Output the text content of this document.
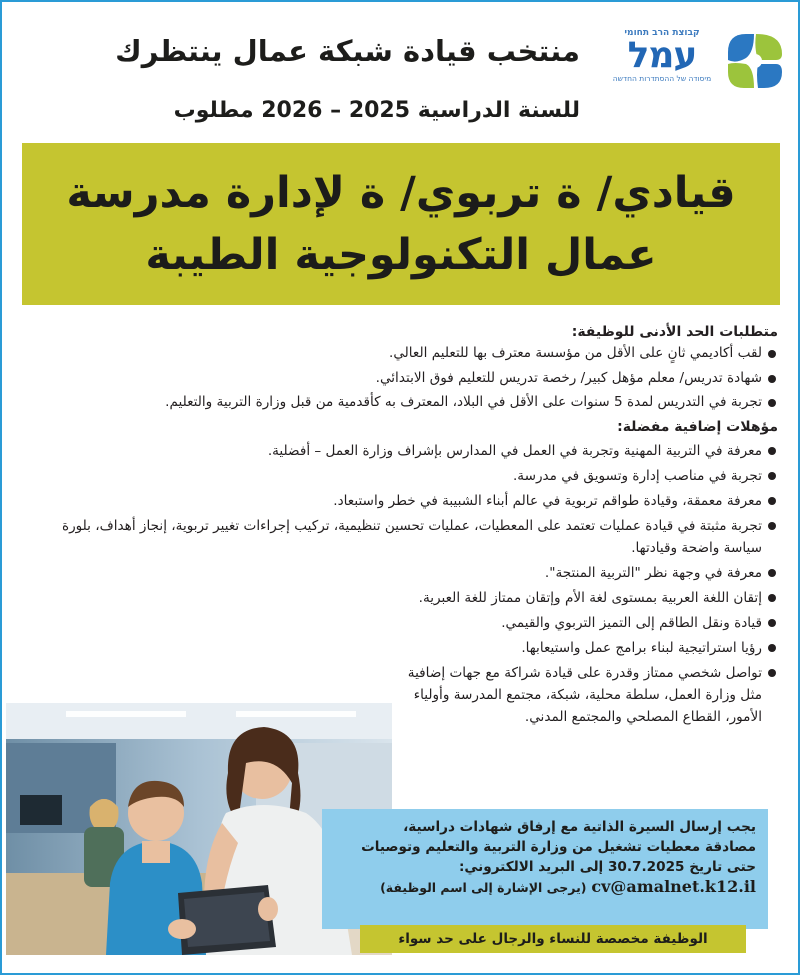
קבוצת הרב תחומי
עמל
מיסודה של ההסתדרות החדשה
منتخب قيادة شبكة عمال ينتظرك
للسنة الدراسية 2025 – 2026 مطلوب
قيادي/ ة تربوي/ ة لإدارة مدرسة
عمال التكنولوجية الطيبة
متطلبات الحد الأدنى للوظيفة:
لقب أكاديمي ثانٍ على الأقل من مؤسسة معترف بها للتعليم العالي.
شهادة تدريس/ معلم مؤهل كبير/ رخصة تدريس للتعليم فوق الابتدائي.
تجربة في التدريس لمدة 5 سنوات على الأقل في البلاد، المعترف به كأقدمية من قبل وزارة التربية والتعليم.
مؤهلات إضافية مفضلة:
معرفة في التربية المهنية وتجربة في العمل في المدارس بإشراف وزارة العمل – أفضلية.
تجربة في مناصب إدارة وتسويق في مدرسة.
معرفة معمقة، وقيادة طواقم تربوية في عالم أبناء الشبيبة في خطر واستبعاد.
تجربة مثبتة في قيادة عمليات تعتمد على المعطيات، عمليات تحسين تنظيمية، تركيب إجراءات تغيير تربوية، إنجاز أهداف، بلورة سياسة واضحة وقيادتها.
معرفة في وجهة نظر "التربية المنتجة".
إتقان اللغة العربية بمستوى لغة الأم وإتقان ممتاز للغة العبرية.
قيادة ونقل الطاقم إلى التميز التربوي والقيمي.
رؤيا استراتيجية لبناء برامج عمل واستيعابها.
تواصل شخصي ممتاز وقدرة على قيادة شراكة مع جهات إضافية مثل وزارة العمل، سلطة محلية، شبكة، مجتمع المدرسة وأولياء الأمور، القطاع المصلحي والمجتمع المدني.

يجب إرسال السيرة الذاتية مع إرفاق شهادات دراسية،

مصادقة معطيات تشغيل من وزارة التربية والتعليم وتوصيات

حتى تاريخ 30.7.2025 إلى البريد الالكتروني:

cv@amalnet.k12.il (يرجى الإشارة إلى اسم الوظيفة)

الوظيفة مخصصة للنساء والرجال على حد سواء
